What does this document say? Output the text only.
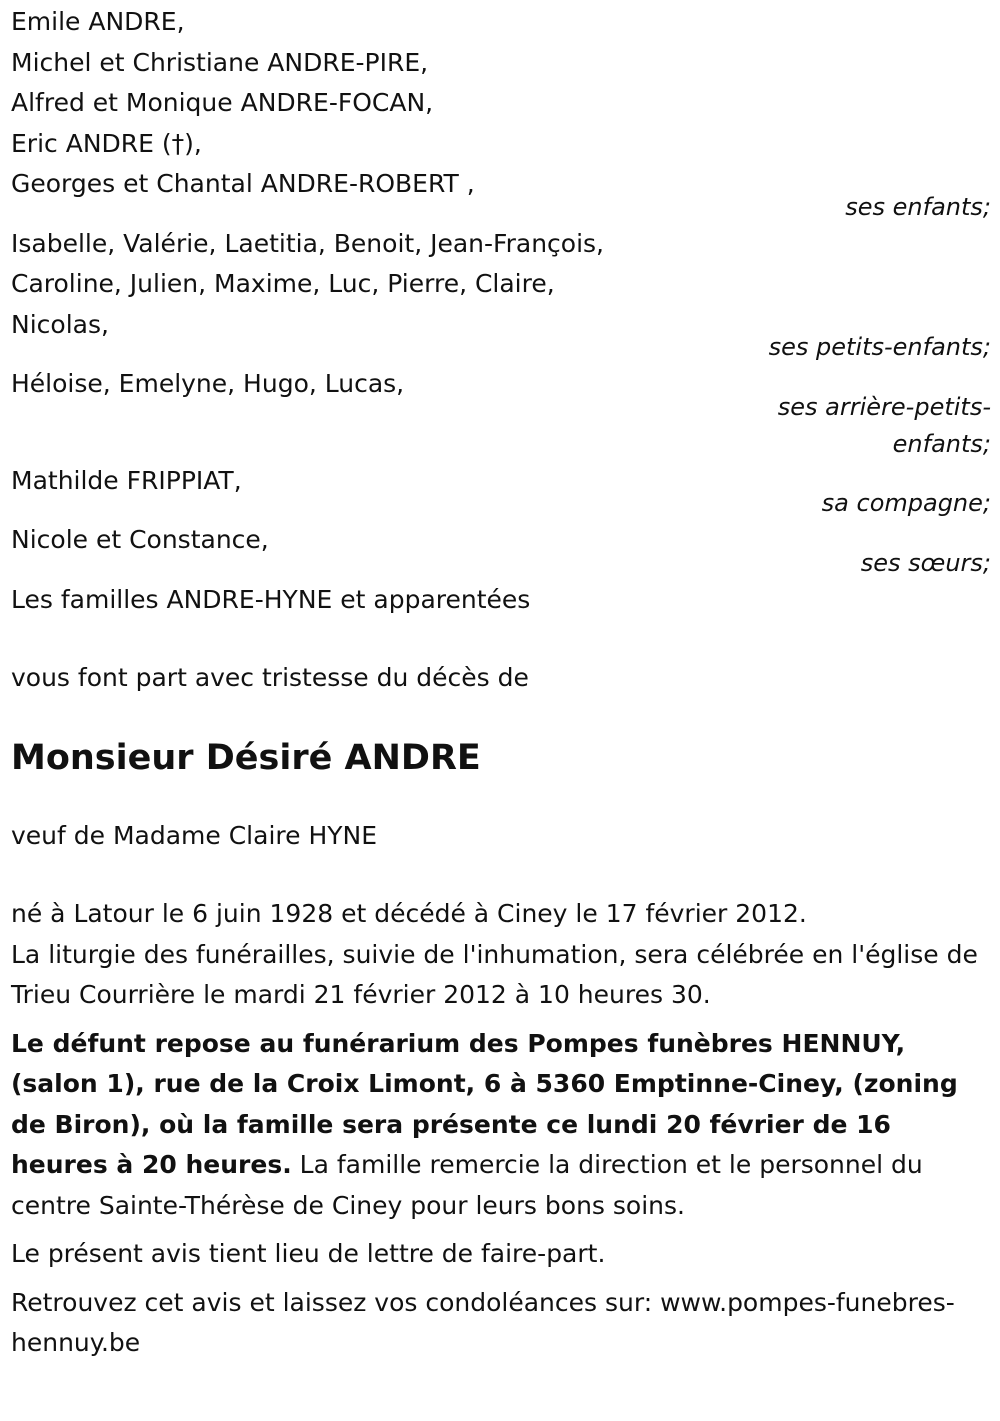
Emile ANDRE,
Michel et Christiane ANDRE-PIRE,
Alfred et Monique ANDRE-FOCAN,
Eric ANDRE (†),
Georges et Chantal ANDRE-ROBERT ,
ses enfants;
Isabelle, Valérie, Laetitia, Benoit, Jean-François,
Caroline, Julien, Maxime, Luc, Pierre, Claire,
Nicolas,
ses petits-enfants;
Héloise, Emelyne, Hugo, Lucas,
ses arrière-petits-
enfants;
Mathilde FRIPPIAT,
sa compagne;
Nicole et Constance,
ses sœurs;
Les familles ANDRE-HYNE et apparentées
vous font part avec tristesse du décès de
Monsieur Désiré ANDRE
veuf de Madame Claire HYNE
né à Latour le 6 juin 1928 et décédé à Ciney le 17 février 2012.

La liturgie des funérailles, suivie de l'inhumation, sera célébrée en l'église de Trieu Courrière le mardi 21 février 2012 à 10 heures 30.

Le défunt repose au funérarium des Pompes funèbres HENNUY, (salon 1), rue de la Croix Limont, 6 à 5360 Emptinne-Ciney, (zoning de Biron), où la famille sera présente ce lundi 20 février de 16 heures à 20 heures. La famille remercie la direction et le personnel du centre Sainte-Thérèse de Ciney pour leurs bons soins.

Le présent avis tient lieu de lettre de faire-part.

Retrouvez cet avis et laissez vos condoléances sur: www.pompes-funebres-hennuy.be
